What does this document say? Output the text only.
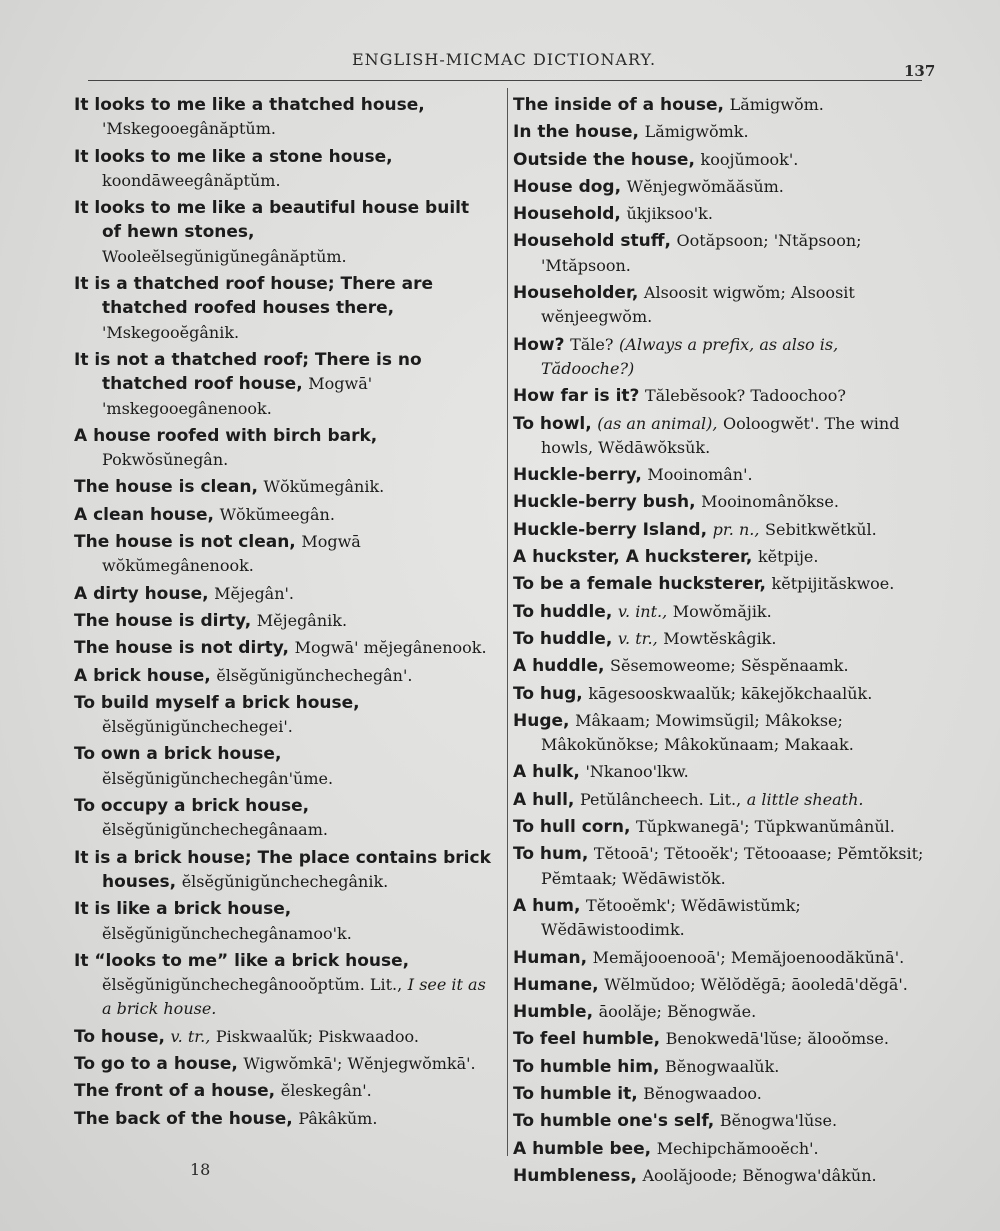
ENGLISH-MICMAC DICTIONARY.
137
It looks to me like a thatched house, 'Mskegooegânăptŭm.
It looks to me like a stone house, koondāweegânăptŭm.
It looks to me like a beautiful house built of hewn stones, Wooleĕlsegŭnigŭnegânăptŭm.
It is a thatched roof house; There are thatched roofed houses there, 'Mskegooĕgânik.
It is not a thatched roof; There is no thatched roof house, Mogwā' 'mskegooegânenook.
A house roofed with birch bark, Pokwŏsŭnegân.
The house is clean, Wŏkŭmegânik.
A clean house, Wŏkŭmeegân.
The house is not clean, Mogwā wŏkŭmegânenook.
A dirty house, Mĕjegân'.
The house is dirty, Mĕjegânik.
The house is not dirty, Mogwā' mĕjegânenook.
A brick house, ĕlsĕgŭnigŭnchechegân'.
To build myself a brick house, ĕlsĕgŭnigŭnchechegei'.
To own a brick house, ĕlsĕgŭnigŭnchechegân'ŭme.
To occupy a brick house, ĕlsĕgŭnigŭnchechegânaam.
It is a brick house; The place contains brick houses, ĕlsĕgŭnigŭnchechegânik.
It is like a brick house, ĕlsĕgŭnigŭnchechegânamoo'k.
It “looks to me” like a brick house, ĕlsĕgŭnigŭnchechegânooŏptŭm. Lit., I see it as a brick house.
To house, v. tr., Piskwaalŭk; Piskwaadoo.
To go to a house, Wigwŏmkā'; Wĕnjegwŏmkā'.
The front of a house, ĕleskegân'.
The back of the house, Pâkâkŭm.
The inside of a house, Lămigwŏm.
In the house, Lămigwŏmk.
Outside the house, koojŭmook'.
House dog, Wĕnjegwŏmăăsŭm.
Household, ŭkjiksoo'k.
Household stuff, Ootăpsoon; 'Ntăpsoon; 'Mtăpsoon.
Householder, Alsoosit wigwŏm; Alsoosit wĕnjeegwŏm.
How? Tăle? (Always a prefix, as also is, Tădooche?)
How far is it? Tălebĕsook? Tadoochoo?
To howl, (as an animal), Ooloogwĕt'. The wind howls, Wĕdāwŏksŭk.
Huckle-berry, Mooinomân'.
Huckle-berry bush, Mooinomânŏkse.
Huckle-berry Island, pr. n., Sebitkwĕtkŭl.
A huckster, A hucksterer, kĕtpije.
To be a female hucksterer, kĕtpijităskwoe.
To huddle, v. int., Mowŏmăjik.
To huddle, v. tr., Mowtĕskâgik.
A huddle, Sĕsemoweome; Sĕspĕnaamk.
To hug, kāgesooskwaalŭk; kākejŏkchaalŭk.
Huge, Mâkaam; Mowimsŭgil; Mâkokse; Mâkokŭnŏkse; Mâkokŭnaam; Makaak.
A hulk, 'Nkanoo'lkw.
A hull, Petŭlâncheech. Lit., a little sheath.
To hull corn, Tŭpkwanegā'; Tŭpkwanŭmânŭl.
To hum, Tĕtooā'; Tĕtooĕk'; Tĕtooaase; Pĕmtŏksit; Pĕmtaak; Wĕdāwistŏk.
A hum, Tĕtooĕmk'; Wĕdāwistŭmk; Wĕdāwistoodimk.
Human, Memăjooenooā'; Memăjoenoodăkŭnā'.
Humane, Wĕlmŭdoo; Wĕlŏdĕgā; āooledā'dĕgā'.
Humble, āoolăje; Bĕnogwăe.
To feel humble, Benokwedā'lŭse; ălooŏmse.
To humble him, Bĕnogwaalŭk.
To humble it, Bĕnogwaadoo.
To humble one's self, Bĕnogwa'lŭse.
A humble bee, Mechipchămooĕch'.
Humbleness, Aoolăjoode; Bĕnogwa'dâkŭn.
18
